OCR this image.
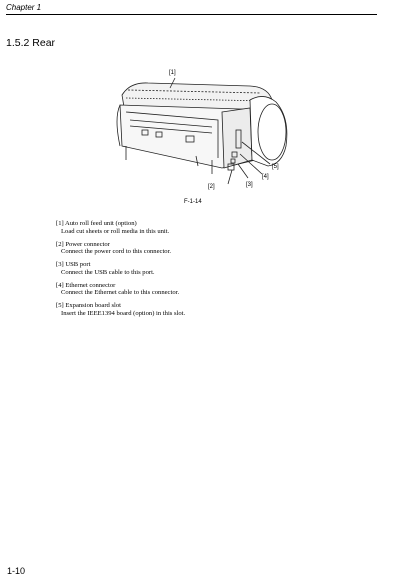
Chapter 1
1.5.2 Rear
[1]
[2]	[3]
[4]
[5]
F-1-14
[1] Auto roll feed unit (option)
Load cut sheets or roll media in this unit.
[2] Power connector
Connect the power cord to this connector.
[3] USB port
Connect the USB cable to this port.
[4] Ethernet connector
Connect the Ethernet cable to this connector.
[5] Expansion board slot
Insert the IEEE1394 board (option) in this slot.
1-10
